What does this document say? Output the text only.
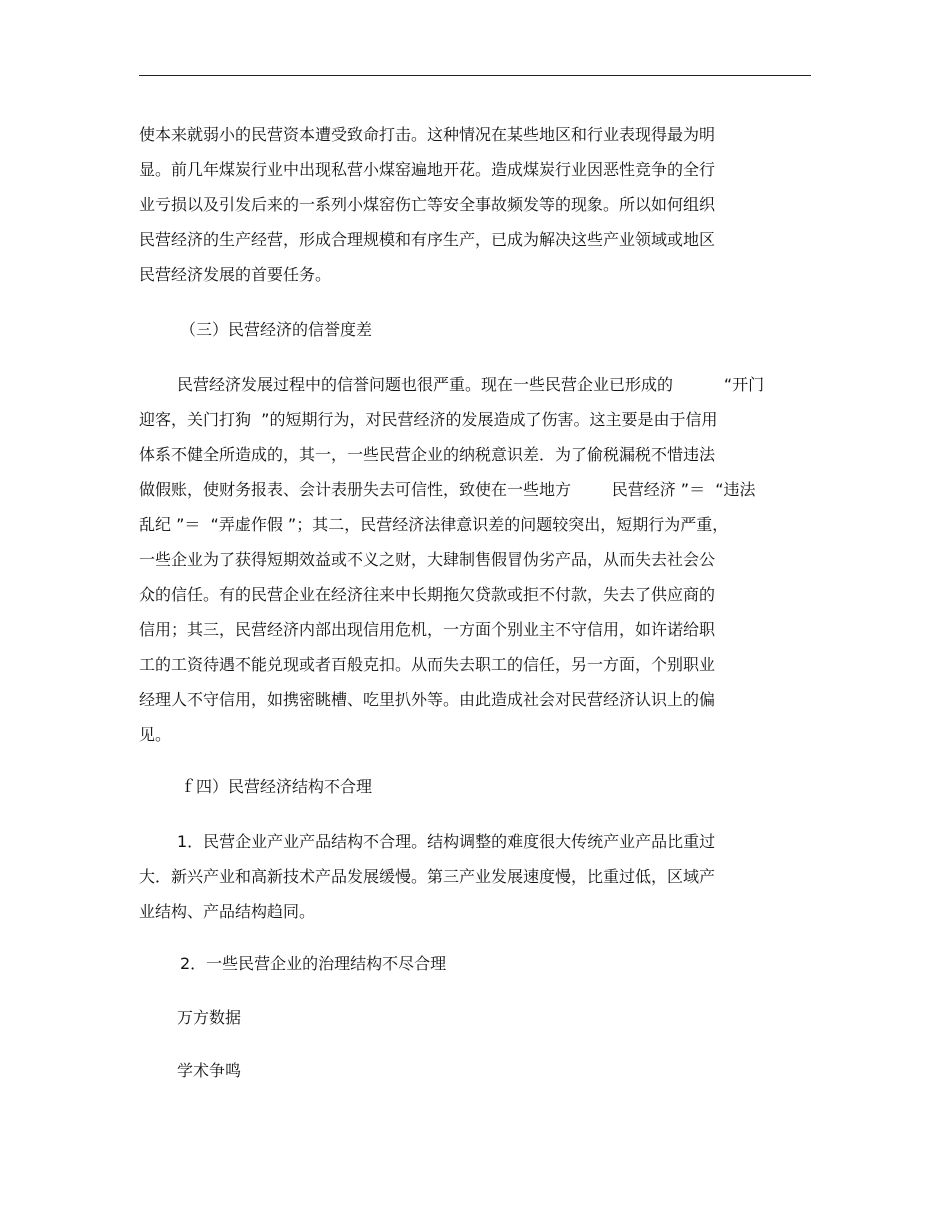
使本来就弱小的民营资本遭受致命打击。这种情况在某些地区和行业表现得最为明
显。前几年煤炭行业中出现私营小煤窑遍地开花。造成煤炭行业因恶性竞争的全行
业亏损以及引发后来的一系列小煤窑伤亡等安全事故频发等的现象。所以如何组织
民营经济的生产经营，形成合理规模和有序生产，已成为解决这些产业领域或地区
民营经济发展的首要任务。
（三）民营经济的信誉度差
民营经济发展过程中的信誉问题也很严重。现在一些民营企业已形成的          “开门
迎客，关门打狗  ”的短期行为，对民营经济的发展造成了伤害。这主要是由于信用
体系不健全所造成的，其一，一些民营企业的纳税意识差．为了偷税漏税不惜违法
做假账，使财务报表、会计表册失去可信性，致使在一些地方        民营经济 ”＝  “违法
乱纪 ”＝  “弄虚作假 ”；其二，民营经济法律意识差的问题较突出，短期行为严重，
一些企业为了获得短期效益或不义之财，大肆制售假冒伪劣产品，从而失去社会公
众的信任。有的民营企业在经济往来中长期拖欠贷款或拒不付款，失去了供应商的
信用；其三，民营经济内部出现信用危机，一方面个别业主不守信用，如许诺给职
工的工资待遇不能兑现或者百般克扣。从而失去职工的信任，另一方面，个别职业
经理人不守信用，如携密眺槽、吃里扒外等。由此造成社会对民营经济认识上的偏
见。
ｆ四）民营经济结构不合理
1．民营企业产业产品结构不合理。结构调整的难度很大传统产业产品比重过
大．新兴产业和高新技术产品发展缓慢。第三产业发展速度慢，比重过低，区域产
业结构、产品结构趋同。
2．一些民营企业的治理结构不尽合理
万方数据
学术争鸣
